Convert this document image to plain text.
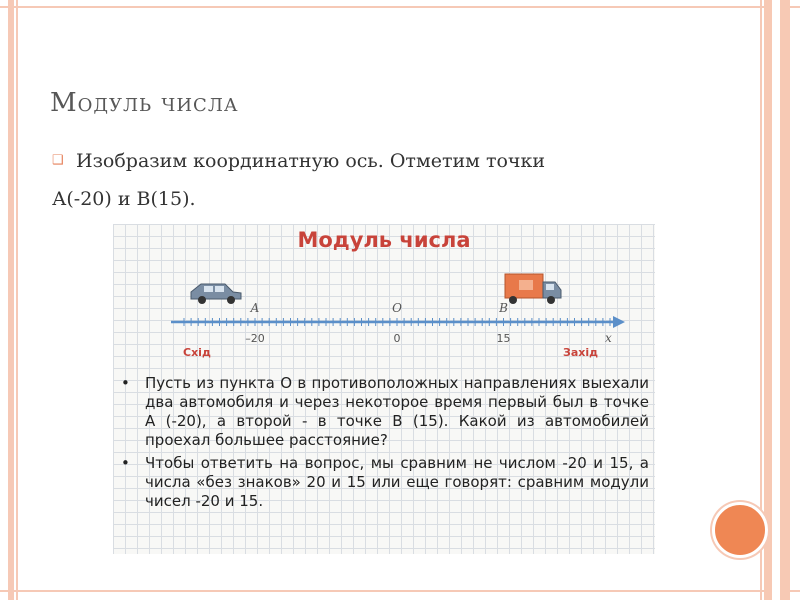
Модуль числа
❑ Изобразим координатную ось. Отметим точки
А(-20) и В(15).
Модуль числа
A
–20
O
0
B
15	x
Схід	Захід
•	Пусть из пункта О в противоположных направлениях выехали два автомобиля и через некоторое время первый был в точке А (-20), а второй - в точке В (15). Какой из автомобилей проехал большее расстояние?
•	Чтобы ответить на вопрос, мы сравним не числом -20 и 15, а числа «без знаков» 20 и 15 или еще говорят: сравним модули чисел -20 и 15.
